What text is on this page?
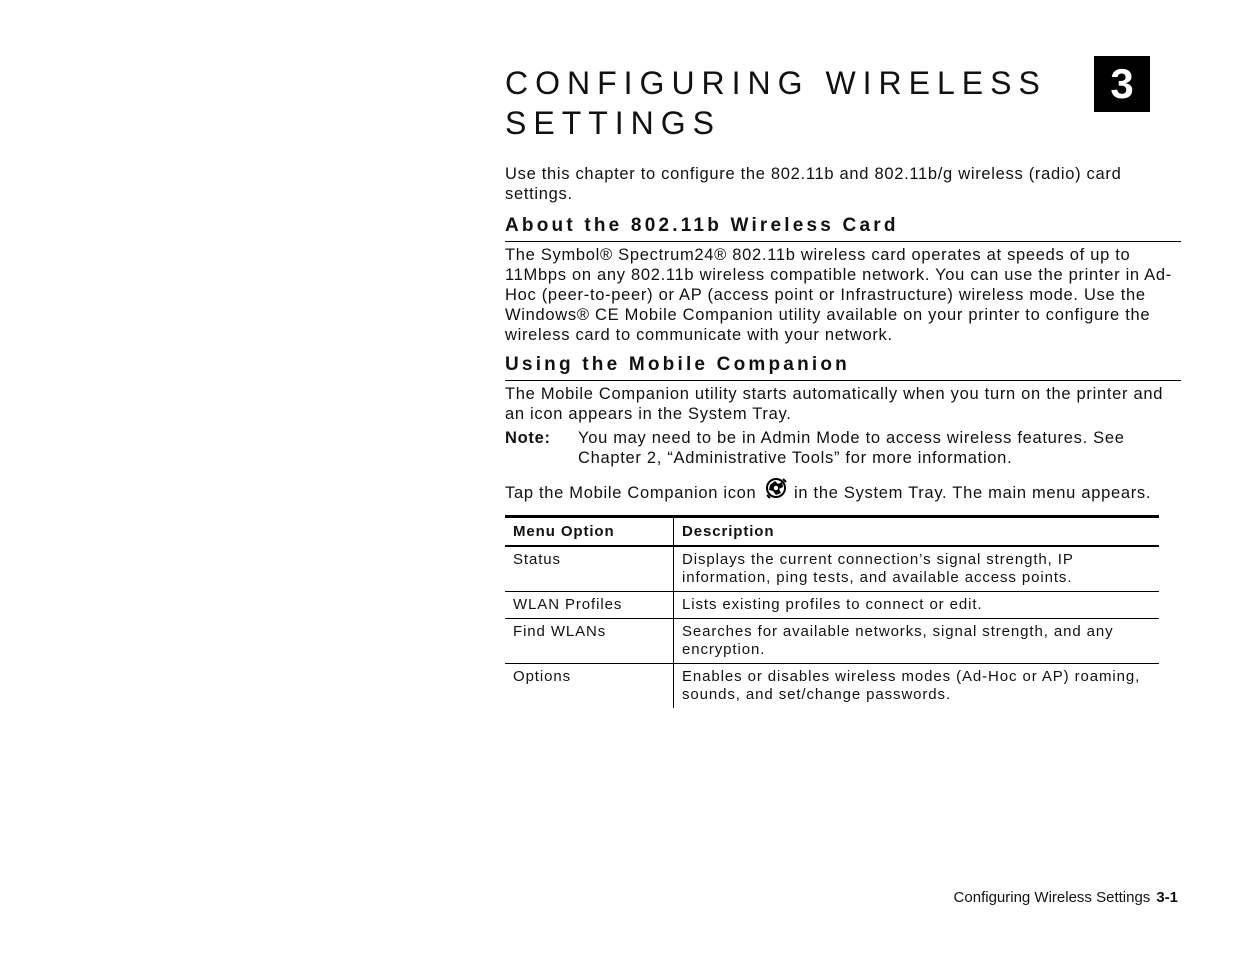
CONFIGURING WIRELESS
SETTINGS
3

Use this chapter to configure the 802.11b and 802.11b/g wireless (radio) card settings.

About the 802.11b Wireless Card

The Symbol® Spectrum24® 802.11b wireless card operates at speeds of up to 11Mbps on any 802.11b wireless compatible network. You can use the printer in Ad-Hoc (peer-to-peer) or AP (access point or Infrastructure) wireless mode. Use the Windows® CE Mobile Companion utility available on your printer to configure the wireless card to communicate with your network.

Using the Mobile Companion

The Mobile Companion utility starts automatically when you turn on the printer and an icon appears in the System Tray.

Note:	You may need to be in Admin Mode to access wireless features. See Chapter 2, “Administrative Tools” for more information.

Tap the Mobile Companion icon in the System Tray. The main menu appears.

Menu Option	Description
Status	Displays the current connection’s signal strength, IP information, ping tests, and available access points.
WLAN Profiles	Lists existing profiles to connect or edit.
Find WLANs	Searches for available networks, signal strength, and any encryption.
Options	Enables or disables wireless modes (Ad-Hoc or AP) roaming, sounds, and set/change passwords.
Configuring Wireless Settings 3-1
